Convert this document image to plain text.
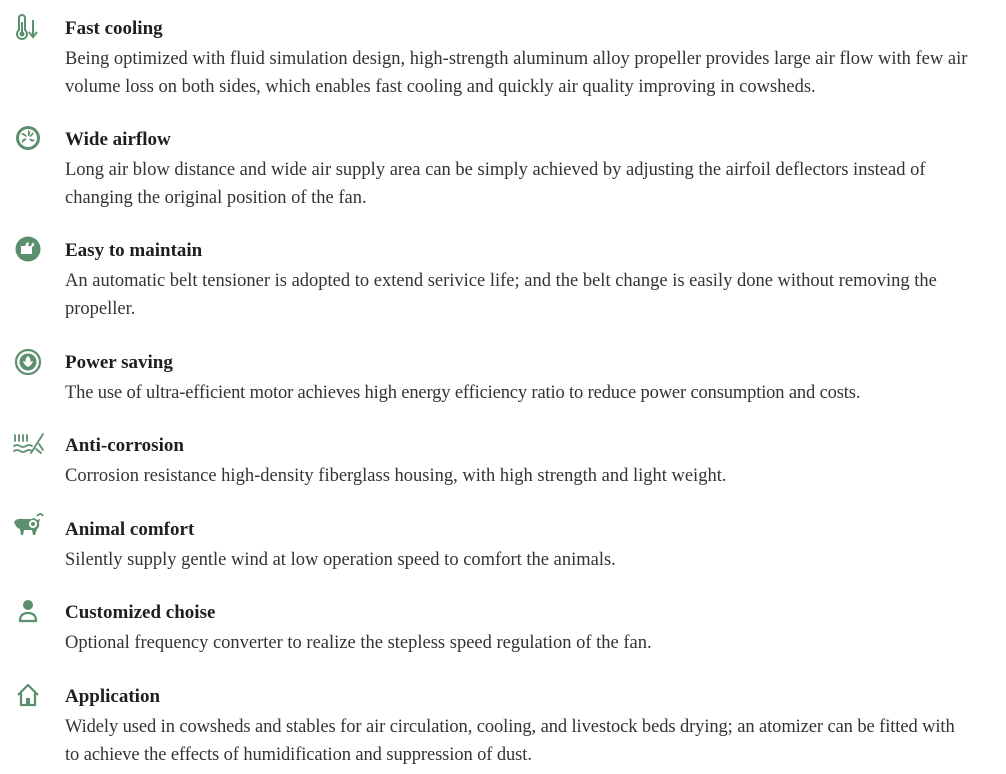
Fast cooling
Being optimized with fluid simulation design, high-strength aluminum alloy propeller provides large air flow with few air volume loss on both sides, which enables fast cooling and quickly air quality improving in cowsheds.
Wide airflow
Long air blow distance and wide air supply area can be simply achieved by adjusting the airfoil deflectors instead of changing the original position of the fan.
Easy to maintain
An automatic belt tensioner is adopted to extend serivice life; and the belt change is easily done without removing the propeller.
Power saving
The use of ultra-efficient motor achieves high energy efficiency ratio to reduce power consumption and costs.
Anti-corrosion
Corrosion resistance high-density fiberglass housing, with high strength and light weight.
Animal comfort
Silently supply gentle wind at low operation speed to comfort the animals.
Customized choise
Optional frequency converter to realize the stepless speed regulation of the fan.
Application
Widely used in cowsheds and stables for air circulation, cooling, and livestock beds drying; an atomizer can be fitted with to achieve the effects of humidification and suppression of dust.
